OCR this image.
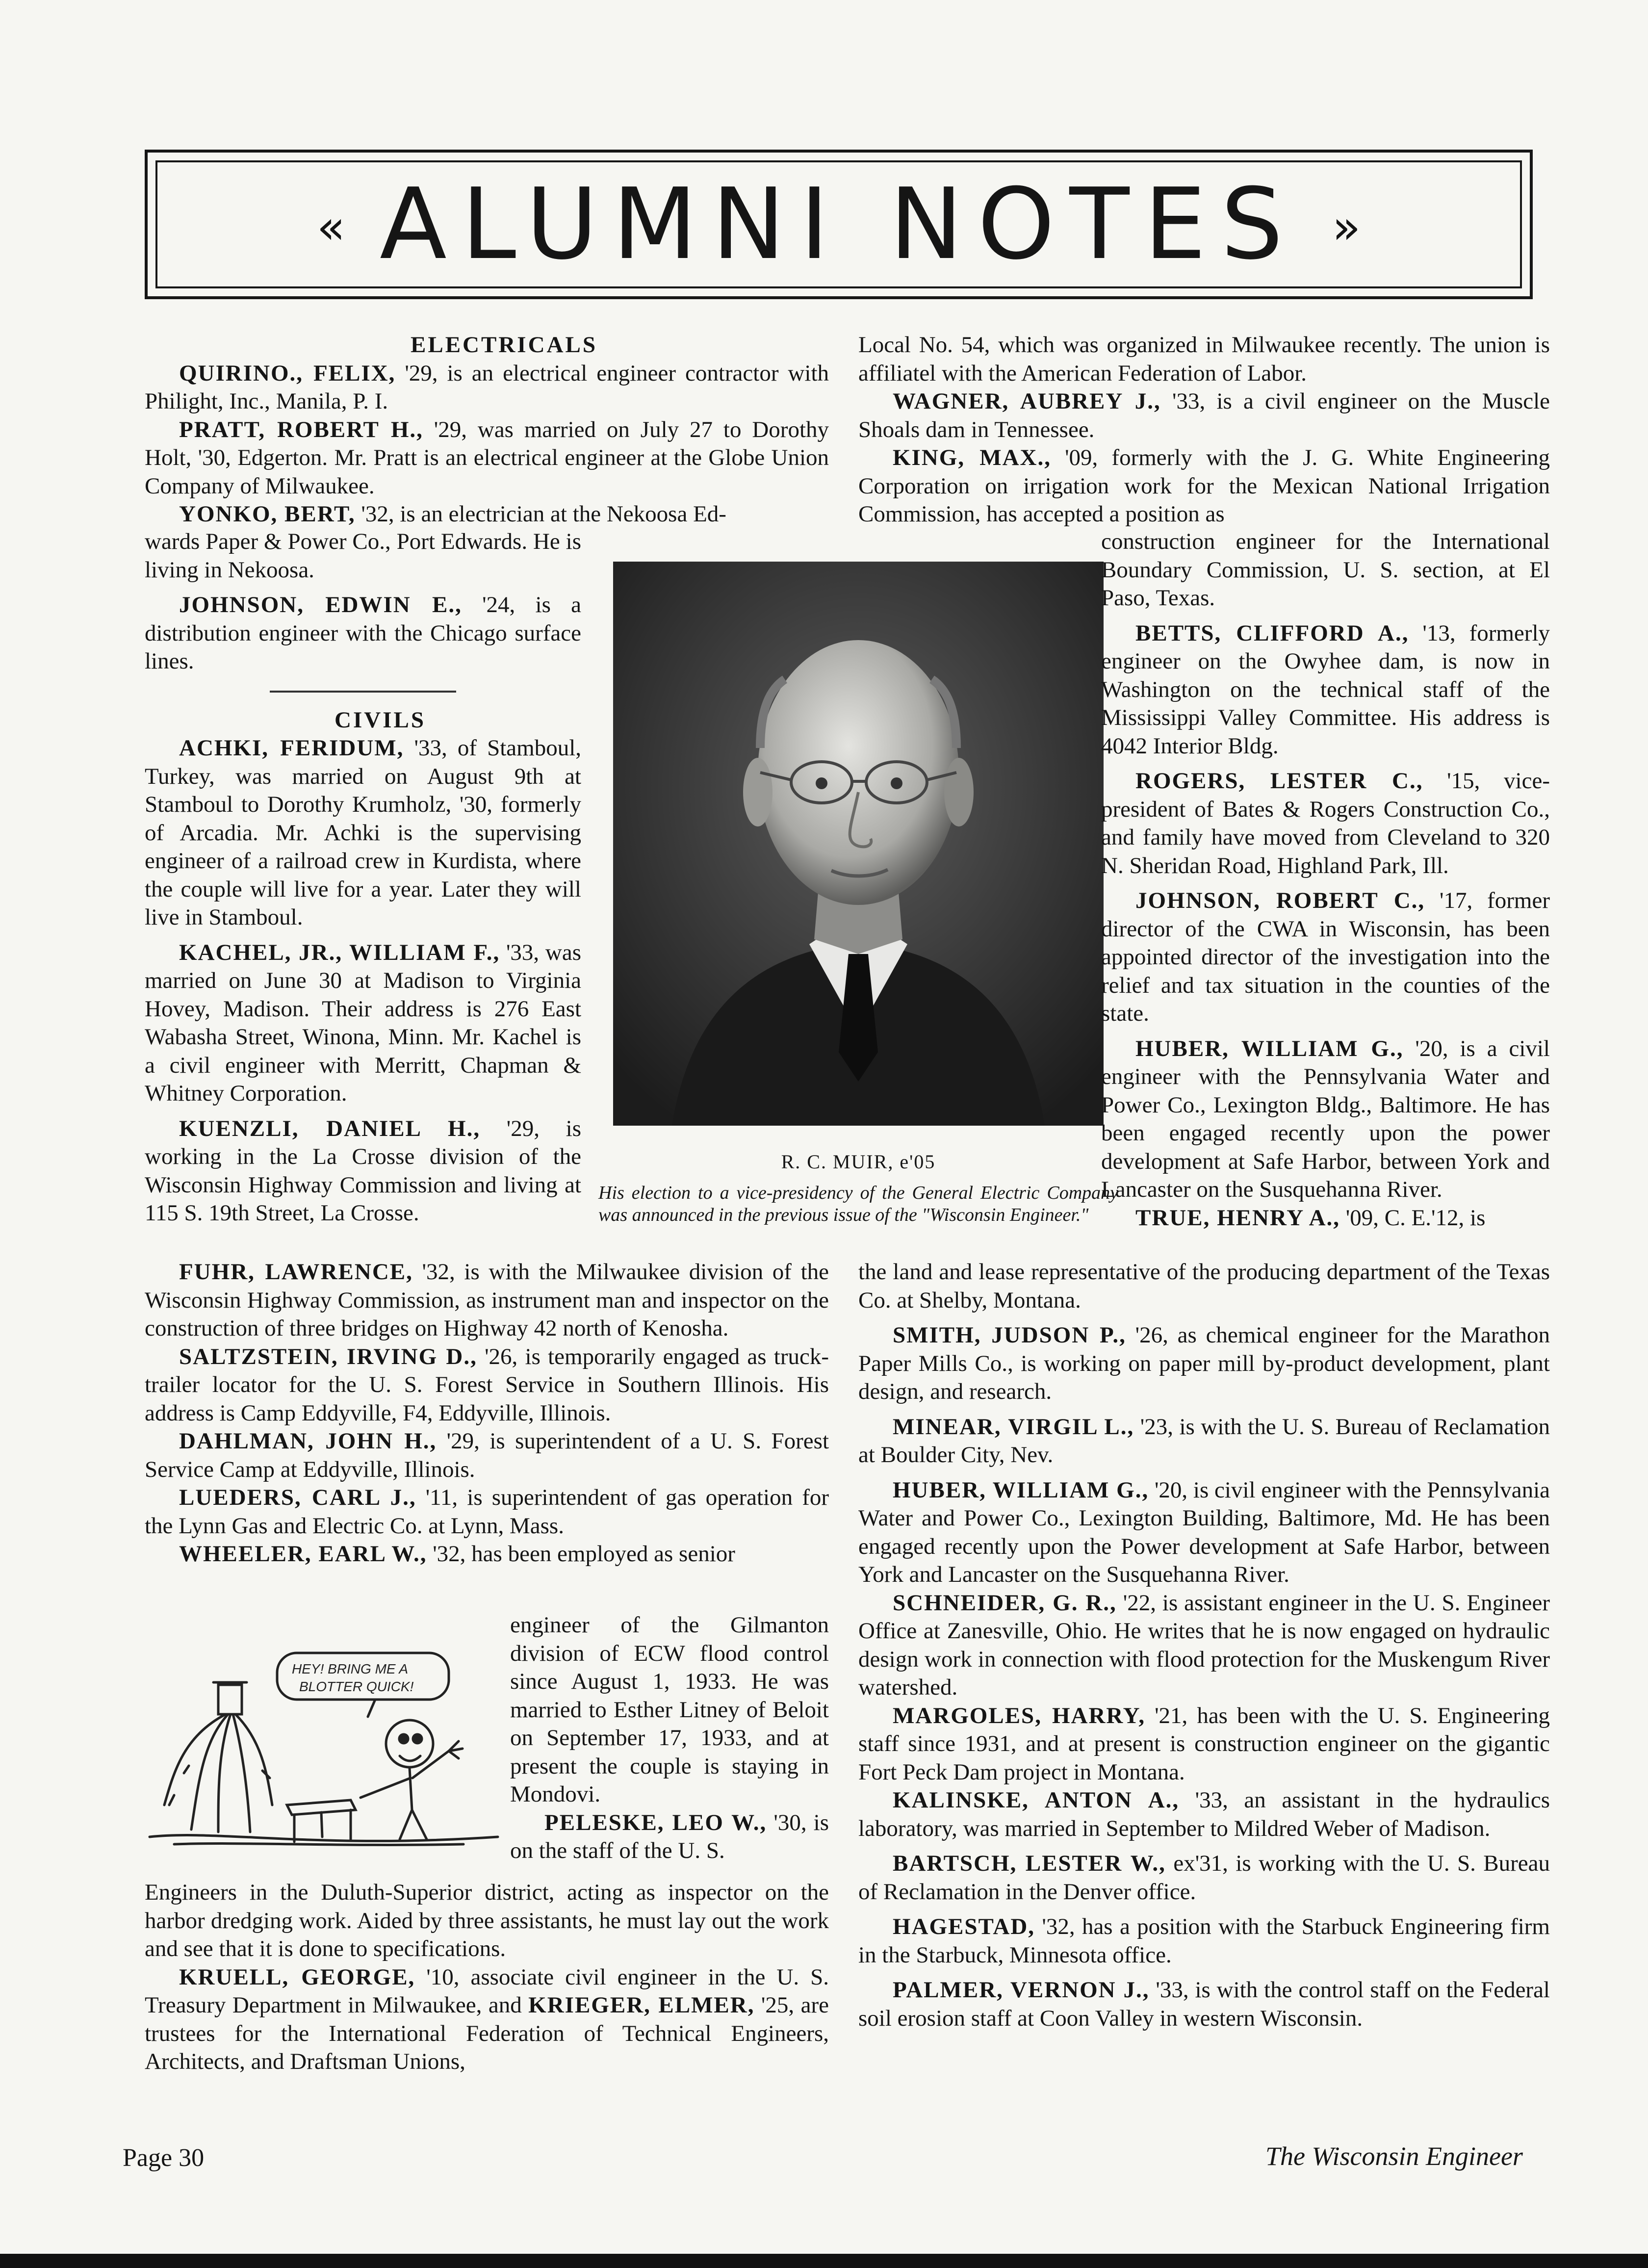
« ALUMNI NOTES »

ELECTRICALS

QUIRINO., FELIX, '29, is an electrical engineer contractor with Philight, Inc., Manila, P. I.

PRATT, ROBERT H., '29, was married on July 27 to Dorothy Holt, '30, Edgerton. Mr. Pratt is an electrical engineer at the Globe Union Company of Milwaukee.

YONKO, BERT, '32, is an electrician at the Nekoosa Ed-

wards Paper & Power Co., Port Edwards. He is living in Nekoosa.

JOHNSON, EDWIN E., '24, is a distribution engineer with the Chicago surface lines.

CIVILS

ACHKI, FERIDUM, '33, of Stamboul, Turkey, was married on August 9th at Stamboul to Dorothy Krumholz, '30, formerly of Arcadia. Mr. Achki is the supervising engineer of a railroad crew in Kurdista, where the couple will live for a year. Later they will live in Stamboul.

KACHEL, JR., WILLIAM F., '33, was married on June 30 at Madison to Virginia Hovey, Madison. Their address is 276 East Wabasha Street, Winona, Minn. Mr. Kachel is a civil engineer with Merritt, Chapman & Whitney Corporation.

KUENZLI, DANIEL H., '29, is working in the La Crosse division of the Wisconsin Highway Commission and living at 115 S. 19th Street, La Crosse.

FUHR, LAWRENCE, '32, is with the Milwaukee division of the Wisconsin Highway Commission, as instrument man and inspector on the construction of three bridges on Highway 42 north of Kenosha.

SALTZSTEIN, IRVING D., '26, is temporarily engaged as truck-trailer locator for the U. S. Forest Service in Southern Illinois. His address is Camp Eddyville, F4, Eddyville, Illinois.

DAHLMAN, JOHN H., '29, is superintendent of a U. S. Forest Service Camp at Eddyville, Illinois.

LUEDERS, CARL J., '11, is superintendent of gas operation for the Lynn Gas and Electric Co. at Lynn, Mass.

WHEELER, EARL W., '32, has been employed as senior

engineer of the Gilmanton division of ECW flood control since August 1, 1933. He was married to Esther Litney of Beloit on September 17, 1933, and at present the couple is staying in Mondovi.

PELESKE, LEO W., '30, is on the staff of the U. S.

Engineers in the Duluth-Superior district, acting as inspector on the harbor dredging work. Aided by three assistants, he must lay out the work and see that it is done to specifications.

KRUELL, GEORGE, '10, associate civil engineer in the U. S. Treasury Department in Milwaukee, and KRIEGER, ELMER, '25, are trustees for the International Federation of Technical Engineers, Architects, and Draftsman Unions,

HEY! BRING ME A
BLOTTER QUICK!
R. C. MUIR, e'05
His election to a vice-presidency of the General Electric Company was announced in the previous issue of the "Wisconsin Engineer."

Local No. 54, which was organized in Milwaukee recently. The union is affiliatel with the American Federation of Labor.

WAGNER, AUBREY J., '33, is a civil engineer on the Muscle Shoals dam in Tennessee.

KING, MAX., '09, formerly with the J. G. White Engineering Corporation on irrigation work for the Mexican National Irrigation Commission, has accepted a position as

construction engineer for the International Boundary Commission, U. S. section, at El Paso, Texas.

BETTS, CLIFFORD A., '13, formerly engineer on the Owyhee dam, is now in Washington on the technical staff of the Mississippi Valley Committee. His address is 4042 Interior Bldg.

ROGERS, LESTER C., '15, vice-president of Bates & Rogers Construction Co., and family have moved from Cleveland to 320 N. Sheridan Road, Highland Park, Ill.

JOHNSON, ROBERT C., '17, former director of the CWA in Wisconsin, has been appointed director of the investigation into the relief and tax situation in the counties of the state.

HUBER, WILLIAM G., '20, is a civil engineer with the Pennsylvania Water and Power Co., Lexington Bldg., Baltimore. He has been engaged recently upon the power development at Safe Harbor, between York and Lancaster on the Susquehanna River.

TRUE, HENRY A., '09, C. E.'12, is

the land and lease representative of the producing department of the Texas Co. at Shelby, Montana.

SMITH, JUDSON P., '26, as chemical engineer for the Marathon Paper Mills Co., is working on paper mill by-product development, plant design, and research.

MINEAR, VIRGIL L., '23, is with the U. S. Bureau of Reclamation at Boulder City, Nev.

HUBER, WILLIAM G., '20, is civil engineer with the Pennsylvania Water and Power Co., Lexington Building, Baltimore, Md. He has been engaged recently upon the Power development at Safe Harbor, between York and Lancaster on the Susquehanna River.

SCHNEIDER, G. R., '22, is assistant engineer in the U. S. Engineer Office at Zanesville, Ohio. He writes that he is now engaged on hydraulic design work in connection with flood protection for the Muskengum River watershed.

MARGOLES, HARRY, '21, has been with the U. S. Engineering staff since 1931, and at present is construction engineer on the gigantic Fort Peck Dam project in Montana.

KALINSKE, ANTON A., '33, an assistant in the hydraulics laboratory, was married in September to Mildred Weber of Madison.

BARTSCH, LESTER W., ex'31, is working with the U. S. Bureau of Reclamation in the Denver office.

HAGESTAD, '32, has a position with the Starbuck Engineering firm in the Starbuck, Minnesota office.

PALMER, VERNON J., '33, is with the control staff on the Federal soil erosion staff at Coon Valley in western Wisconsin.

Page 30	The Wisconsin Engineer
